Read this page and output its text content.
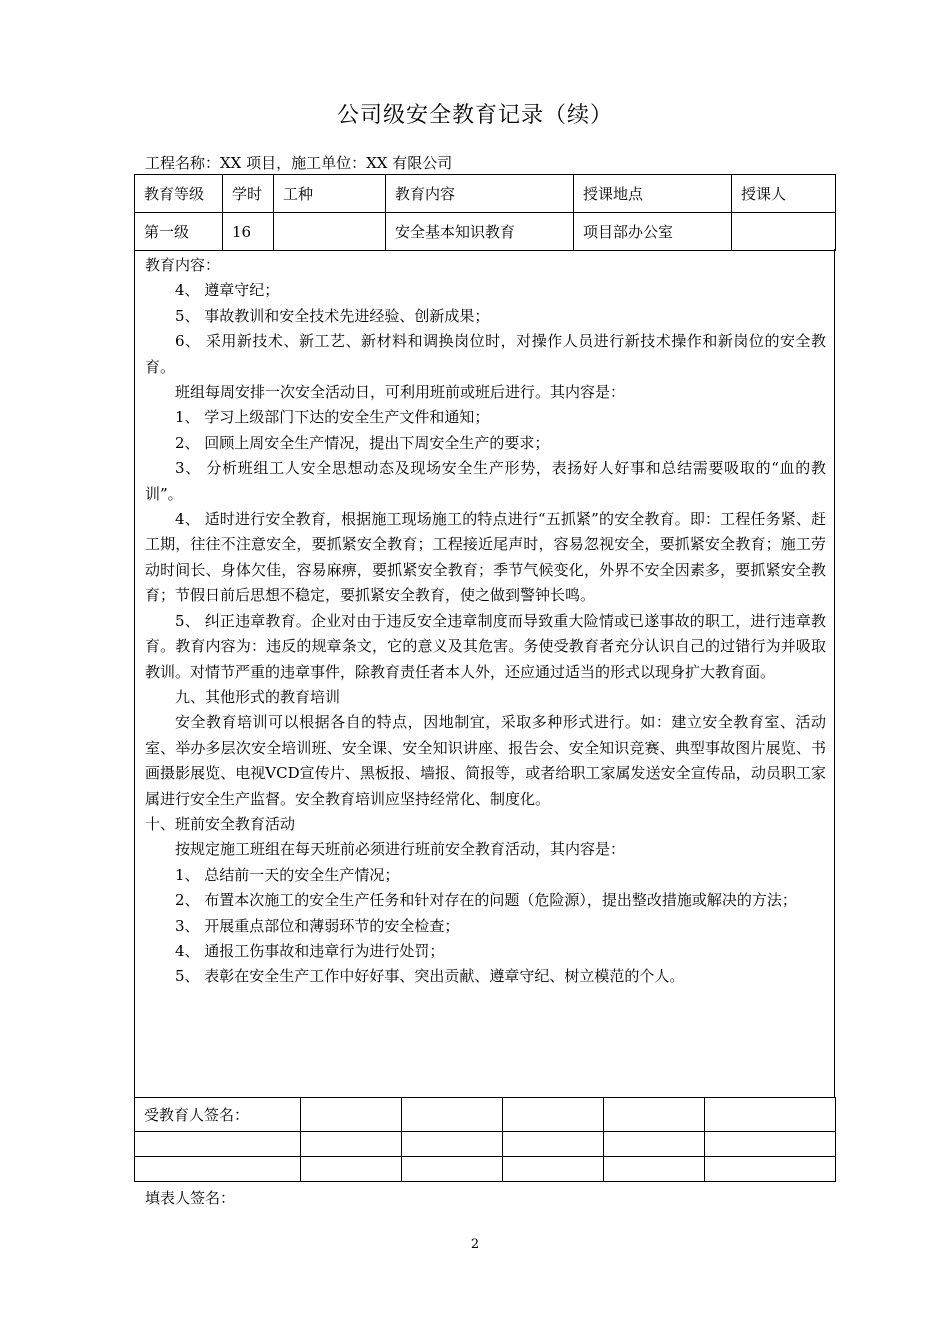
公司级安全教育记录（续）
工程名称：XX 项目，施工单位：XX 有限公司
教育等级	学时	工种	教育内容	授课地点	授课人
第一级	16		安全基本知识教育	项目部办公室	

教育内容：

4、 遵章守纪；

5、 事故教训和安全技术先进经验、创新成果；

6、 采用新技术、新工艺、新材料和调换岗位时，对操作人员进行新技术操作和新岗位的安全教育。

班组每周安排一次安全活动日，可利用班前或班后进行。其内容是：

1、 学习上级部门下达的安全生产文件和通知；

2、 回顾上周安全生产情况，提出下周安全生产的要求；

3、 分析班组工人安全思想动态及现场安全生产形势，表扬好人好事和总结需要吸取的“血的教训”。

4、 适时进行安全教育，根据施工现场施工的特点进行“五抓紧”的安全教育。即：工程任务紧、赶工期，往往不注意安全，要抓紧安全教育；工程接近尾声时，容易忽视安全，要抓紧安全教育；施工劳动时间长、身体欠佳，容易麻痹，要抓紧安全教育；季节气候变化，外界不安全因素多，要抓紧安全教育；节假日前后思想不稳定，要抓紧安全教育，使之做到警钟长鸣。

5、 纠正违章教育。企业对由于违反安全违章制度而导致重大险情或已遂事故的职工，进行违章教育。教育内容为：违反的规章条文，它的意义及其危害。务使受教育者充分认识自己的过错行为并吸取教训。对情节严重的违章事件，除教育责任者本人外，还应通过适当的形式以现身扩大教育面。

九、其他形式的教育培训

安全教育培训可以根据各自的特点，因地制宜，采取多种形式进行。如：建立安全教育室、活动室、举办多层次安全培训班、安全课、安全知识讲座、报告会、安全知识竞赛、典型事故图片展览、书画摄影展览、电视VCD宣传片、黑板报、墙报、简报等，或者给职工家属发送安全宣传品，动员职工家属进行安全生产监督。安全教育培训应坚持经常化、制度化。

十、班前安全教育活动

按规定施工班组在每天班前必须进行班前安全教育活动，其内容是：

1、 总结前一天的安全生产情况；

2、 布置本次施工的安全生产任务和针对存在的问题（危险源），提出整改措施或解决的方法；

3、 开展重点部位和薄弱环节的安全检查；

4、 通报工伤事故和违章行为进行处罚；

5、 表彰在安全生产工作中好好事、突出贡献、遵章守纪、树立模范的个人。

受教育人签名：					

填表人签名：
2
